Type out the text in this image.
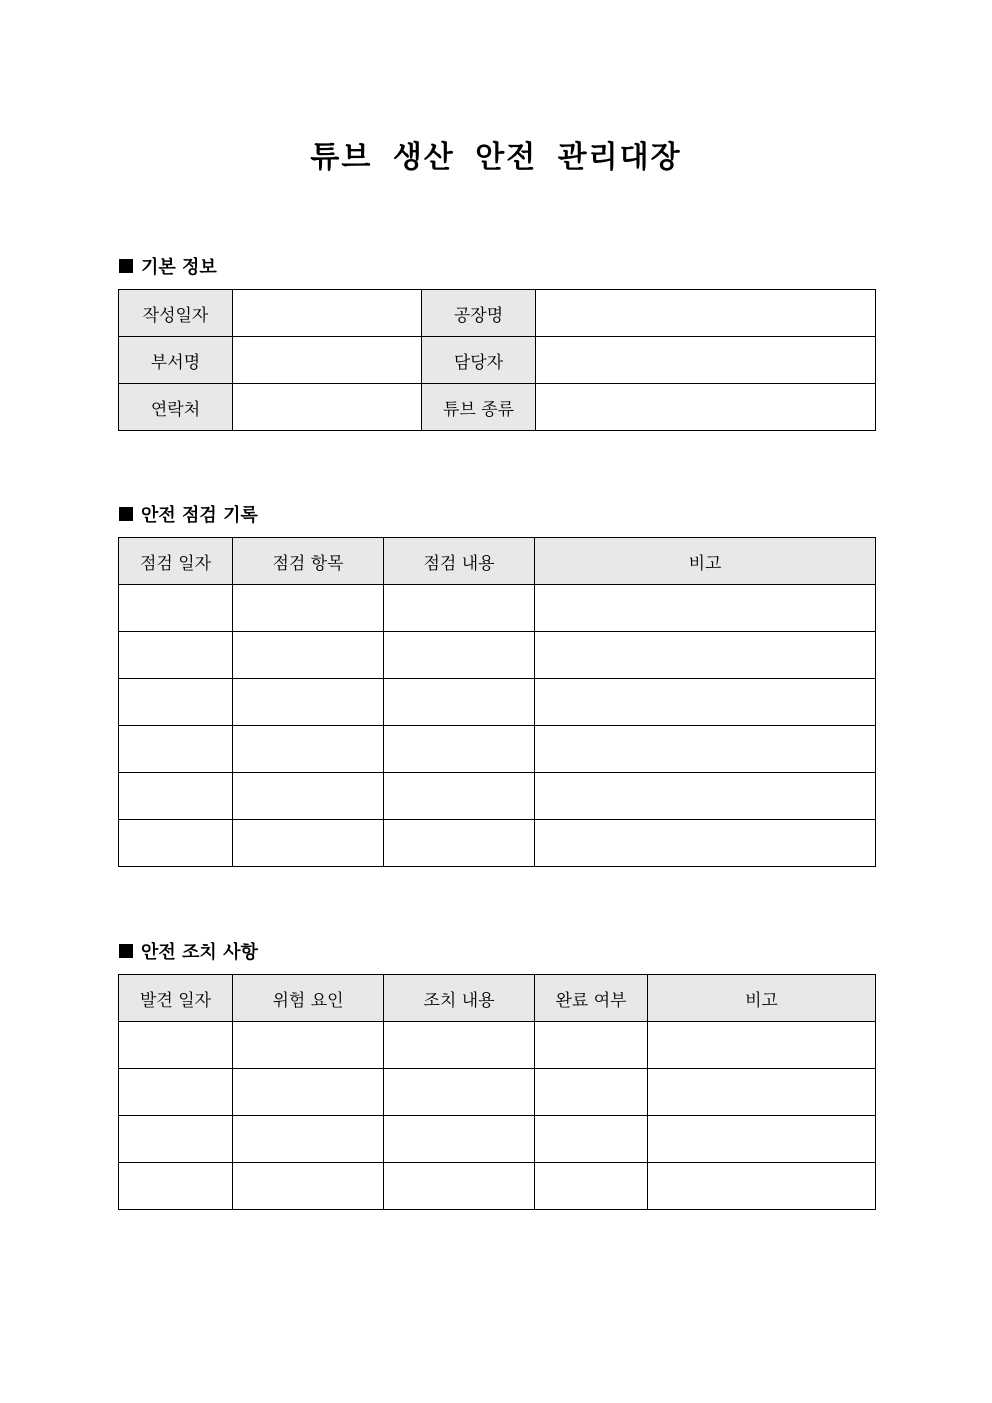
튜브 생산 안전 관리대장
기본 정보
작성일자		공장명	
부서명		담당자	
연락처		튜브 종류	
안전 점검 기록
점검 일자	점검 항목	점검 내용	비고

안전 조치 사항
발견 일자	위험 요인	조치 내용	완료 여부	비고
